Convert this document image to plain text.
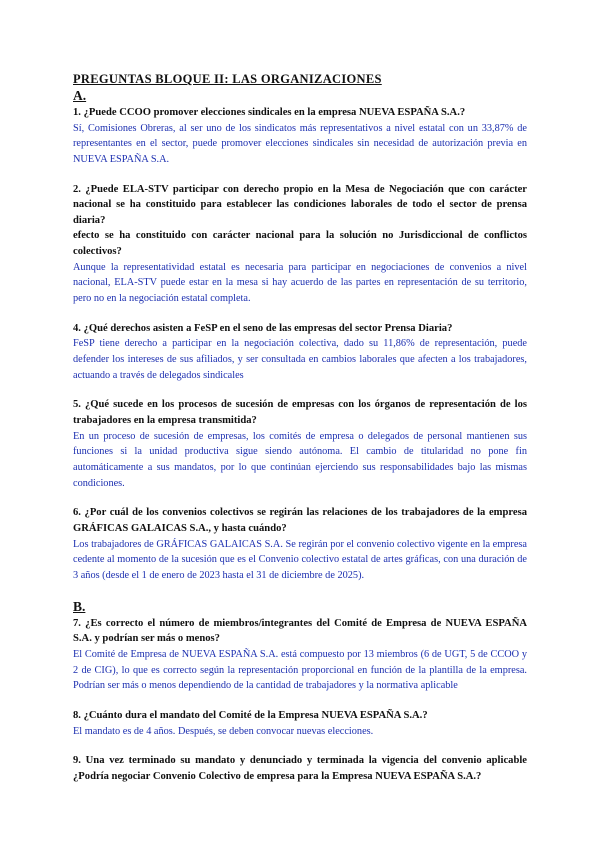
PREGUNTAS BLOQUE II: LAS ORGANIZACIONES
A.
1. ¿Puede CCOO promover elecciones sindicales en la empresa NUEVA ESPAÑA S.A.?
Sí, Comisiones Obreras, al ser uno de los sindicatos más representativos a nivel estatal con un 33,87% de representantes en el sector, puede promover elecciones sindicales sin necesidad de autorización previa en NUEVA ESPAÑA S.A.
2. ¿Puede ELA-STV participar con derecho propio en la Mesa de Negociación que con carácter nacional se ha constituido para establecer las condiciones laborales de todo el sector de prensa diaria?
efecto se ha constituido con carácter nacional para la solución no Jurisdiccional de conflictos colectivos?
Aunque la representatividad estatal es necesaria para participar en negociaciones de convenios a nivel nacional, ELA-STV puede estar en la mesa si hay acuerdo de las partes en representación de su territorio, pero no en la negociación estatal completa.
4. ¿Qué derechos asisten a FeSP en el seno de las empresas del sector Prensa Diaria?
FeSP tiene derecho a participar en la negociación colectiva, dado su 11,86% de representación, puede defender los intereses de sus afiliados, y ser consultada en cambios laborales que afecten a los trabajadores, actuando a través de delegados sindicales
5. ¿Qué sucede en los procesos de sucesión de empresas con los órganos de representación de los trabajadores en la empresa transmitida?
En un proceso de sucesión de empresas, los comités de empresa o delegados de personal mantienen sus funciones si la unidad productiva sigue siendo autónoma. El cambio de titularidad no pone fin automáticamente a sus mandatos, por lo que continúan ejerciendo sus responsabilidades bajo las mismas condiciones.
6. ¿Por cuál de los convenios colectivos se regirán las relaciones de los trabajadores de la empresa GRÁFICAS GALAICAS S.A., y hasta cuándo?
Los trabajadores de GRÁFICAS GALAICAS S.A. Se regirán por el convenio colectivo vigente en la empresa cedente al momento de la sucesión que es el Convenio colectivo estatal de artes gráficas, con una duración de 3 años (desde el 1 de enero de 2023 hasta el 31 de diciembre de 2025).
B.
7. ¿Es correcto el número de miembros/integrantes del Comité de Empresa de NUEVA ESPAÑA S.A. y podrían ser más o menos?
El Comité de Empresa de NUEVA ESPAÑA S.A. está compuesto por 13 miembros (6 de UGT, 5 de CCOO y 2 de CIG), lo que es correcto según la representación proporcional en función de la plantilla de la empresa. Podrían ser más o menos dependiendo de la cantidad de trabajadores y la normativa aplicable
8. ¿Cuánto dura el mandato del Comité de la Empresa NUEVA ESPAÑA S.A.?
El mandato es de 4 años. Después, se deben convocar nuevas elecciones.
9. Una vez terminado su mandato y denunciado y terminada la vigencia del convenio aplicable ¿Podría negociar Convenio Colectivo de empresa para la Empresa NUEVA ESPAÑA S.A.?
